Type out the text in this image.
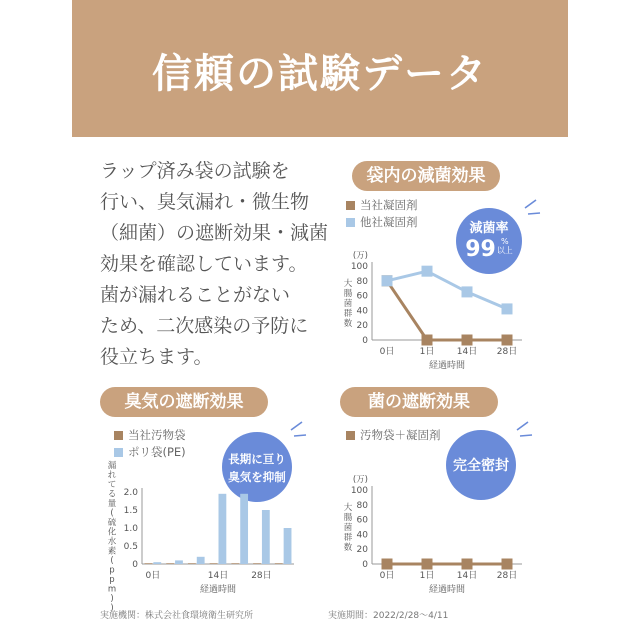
信頼の試験データ
ラップ済み袋の試験を
行い、臭気漏れ・微生物
（細菌）の遮断効果・減菌
効果を確認しています。
菌が漏れることがない
ため、二次感染の予防に
役立ちます。
袋内の減菌効果
当社凝固剤
他社凝固剤	減菌率
99 %
以上
(万)
0
20
40
60
80
100
大
腸
菌
群
数
0日	1日 14日 28日
経過時間
臭気の遮断効果
当社汚物袋
ポリ袋(PE)	長期に亘り
臭気を抑制
0
0.5
1.0
1.5
2.0
漏
れ
て
る
量
(
硫
化
水
素
(
p
p
m
)
)
0日	14日	28日
経過時間
菌の遮断効果
汚物袋＋凝固剤
完全密封
(万)
0
20
40
60
80
100
大
腸
菌
群
数
0日	1日 14日 28日
経過時間
実施機関：株式会社食環境衛生研究所	実施期間：2022/2/28〜4/11
